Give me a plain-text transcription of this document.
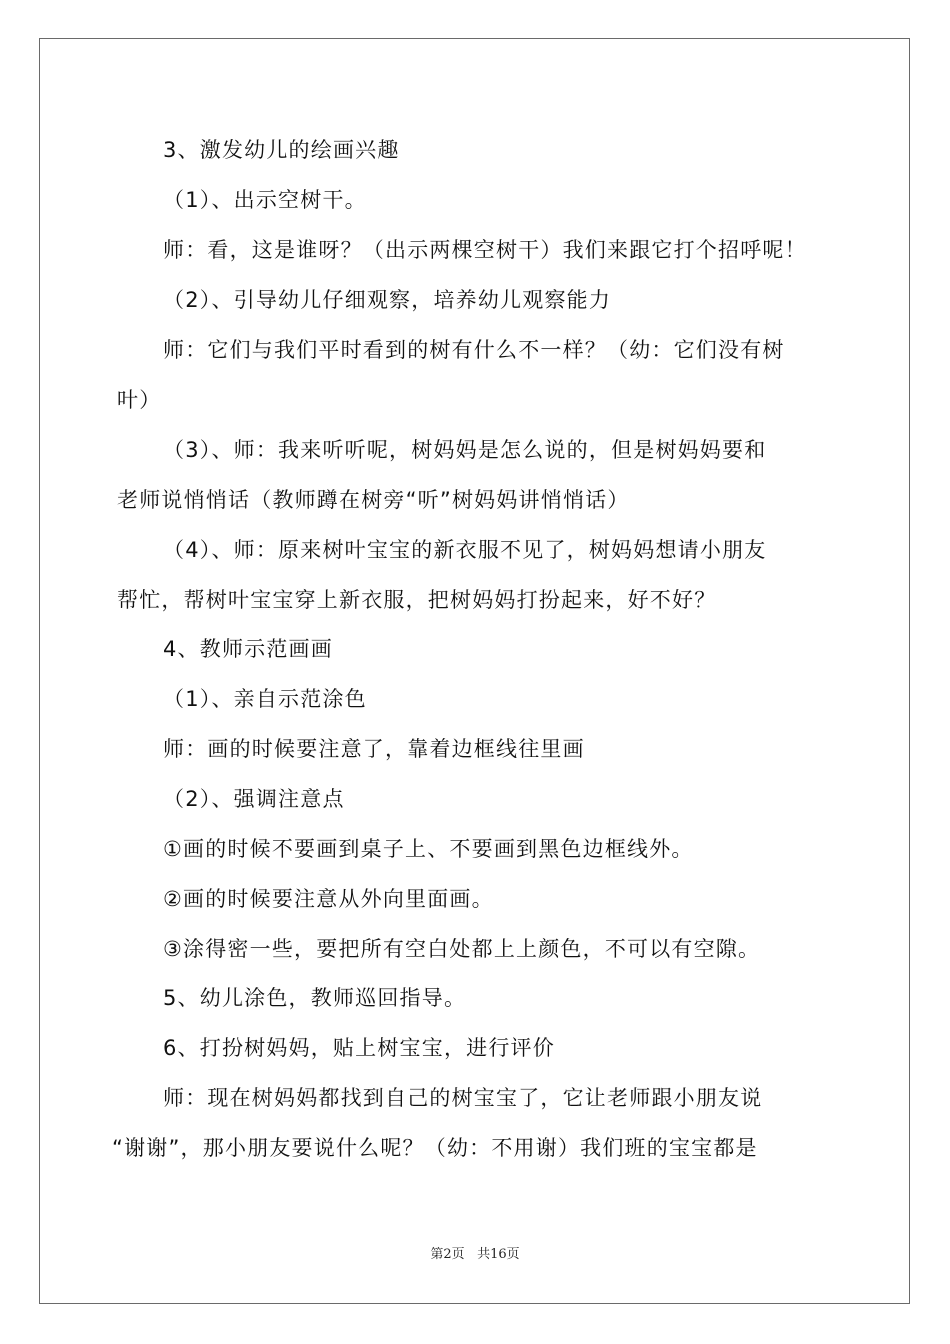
3、激发幼儿的绘画兴趣
（1）、出示空树干。
师：看，这是谁呀？（出示两棵空树干）我们来跟它打个招呼呢！
（2）、引导幼儿仔细观察，培养幼儿观察能力
师：它们与我们平时看到的树有什么不一样？（幼：它们没有树
叶）
（3）、师：我来听听呢，树妈妈是怎么说的，但是树妈妈要和
老师说悄悄话（教师蹲在树旁“听”树妈妈讲悄悄话）
（4）、师：原来树叶宝宝的新衣服不见了，树妈妈想请小朋友
帮忙，帮树叶宝宝穿上新衣服，把树妈妈打扮起来，好不好？
4、教师示范画画
（1）、亲自示范涂色
师：画的时候要注意了，靠着边框线往里画
（2）、强调注意点
①画的时候不要画到桌子上、不要画到黑色边框线外。
②画的时候要注意从外向里面画。
③涂得密一些，要把所有空白处都上上颜色，不可以有空隙。
5、幼儿涂色，教师巡回指导。
6、打扮树妈妈，贴上树宝宝，进行评价
师：现在树妈妈都找到自己的树宝宝了，它让老师跟小朋友说
“谢谢”，那小朋友要说什么呢？（幼：不用谢）我们班的宝宝都是
第2页 共16页
